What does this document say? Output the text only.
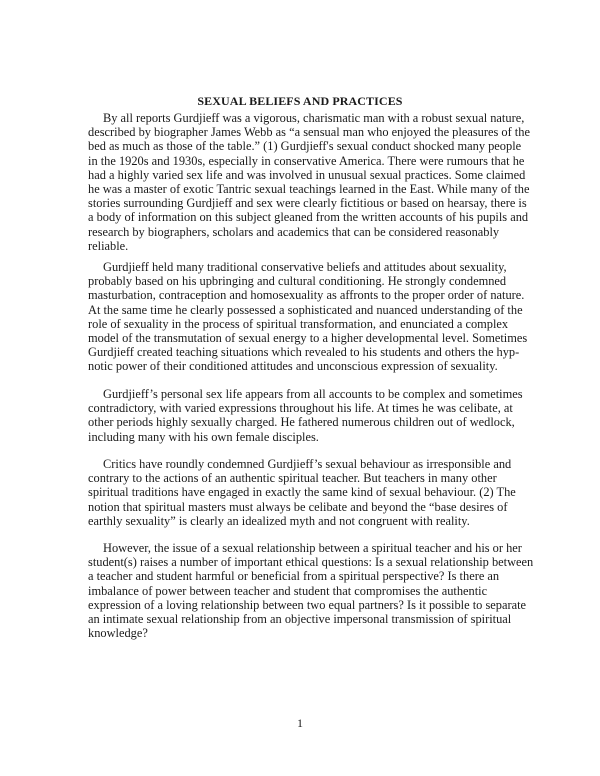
SEXUAL BELIEFS AND PRACTICES
By all reports Gurdjieff was a vigorous, charismatic man with a robust sexual nature,
described by biographer James Webb as “a sensual man who enjoyed the pleasures of the
bed as much as those of the table.” (1) Gurdjieff's sexual conduct shocked many people
in the 1920s and 1930s, especially in conservative America. There were rumours that he
had a highly varied sex life and was involved in unusual sexual practices. Some claimed
he was a master of exotic Tantric sexual teachings learned in the East. While many of the
stories surrounding Gurdjieff and sex were clearly fictitious or based on hearsay, there is
a body of information on this subject gleaned from the written accounts of his pupils and
research by biographers, scholars and academics that can be considered reasonably
reliable.
Gurdjieff held many traditional conservative beliefs and attitudes about sexuality,
probably based on his upbringing and cultural conditioning. He strongly condemned
masturbation, contraception and homosexuality as affronts to the proper order of nature.
At the same time he clearly possessed a sophisticated and nuanced understanding of the
role of sexuality in the process of spiritual transformation, and enunciated a complex
model of the transmutation of sexual energy to a higher developmental level. Sometimes
Gurdjieff created teaching situations which revealed to his students and others the hyp-
notic power of their conditioned attitudes and unconscious expression of sexuality.
Gurdjieff’s personal sex life appears from all accounts to be complex and sometimes
contradictory, with varied expressions throughout his life. At times he was celibate, at
other periods highly sexually charged. He fathered numerous children out of wedlock,
including many with his own female disciples.
Critics have roundly condemned Gurdjieff’s sexual behaviour as irresponsible and
contrary to the actions of an authentic spiritual teacher. But teachers in many other
spiritual traditions have engaged in exactly the same kind of sexual behaviour. (2) The
notion that spiritual masters must always be celibate and beyond the “base desires of
earthly sexuality” is clearly an idealized myth and not congruent with reality.
However, the issue of a sexual relationship between a spiritual teacher and his or her
student(s) raises a number of important ethical questions: Is a sexual relationship between
a teacher and student harmful or beneficial from a spiritual perspective? Is there an
imbalance of power between teacher and student that compromises the authentic
expression of a loving relationship between two equal partners? Is it possible to separate
an intimate sexual relationship from an objective impersonal transmission of spiritual
knowledge?
1
